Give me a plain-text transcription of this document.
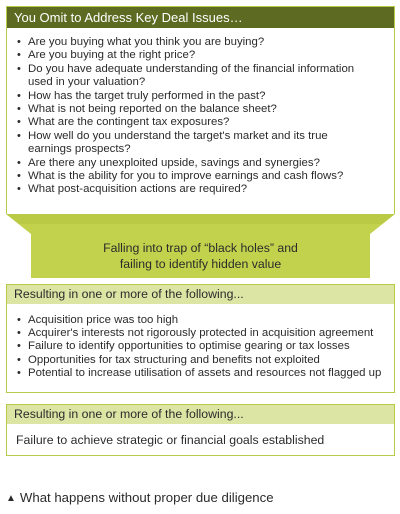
You Omit to Address Key Deal Issues…
• Are you buying what you think you are buying?
• Are you buying at the right price?
• Do you have adequate understanding of the financial information
used in your valuation?
• How has the target truly performed in the past?
• What is not being reported on the balance sheet?
• What are the contingent tax exposures?
• How well do you understand the target's market and its true
earnings prospects?
• Are there any unexploited upside, savings and synergies?
• What is the ability for you to improve earnings and cash flows?
• What post-acquisition actions are required?
Falling into trap of “black holes” and
failing to identify hidden value
Resulting in one or more of the following...
• Acquisition price was too high
• Acquirer's interests not rigorously protected in acquisition agreement
• Failure to identify opportunities to optimise gearing or tax losses
• Opportunities for tax structuring and benefits not exploited
• Potential to increase utilisation of assets and resources not flagged up
Resulting in one or more of the following...
Failure to achieve strategic or financial goals established
▲ What happens without proper due diligence
